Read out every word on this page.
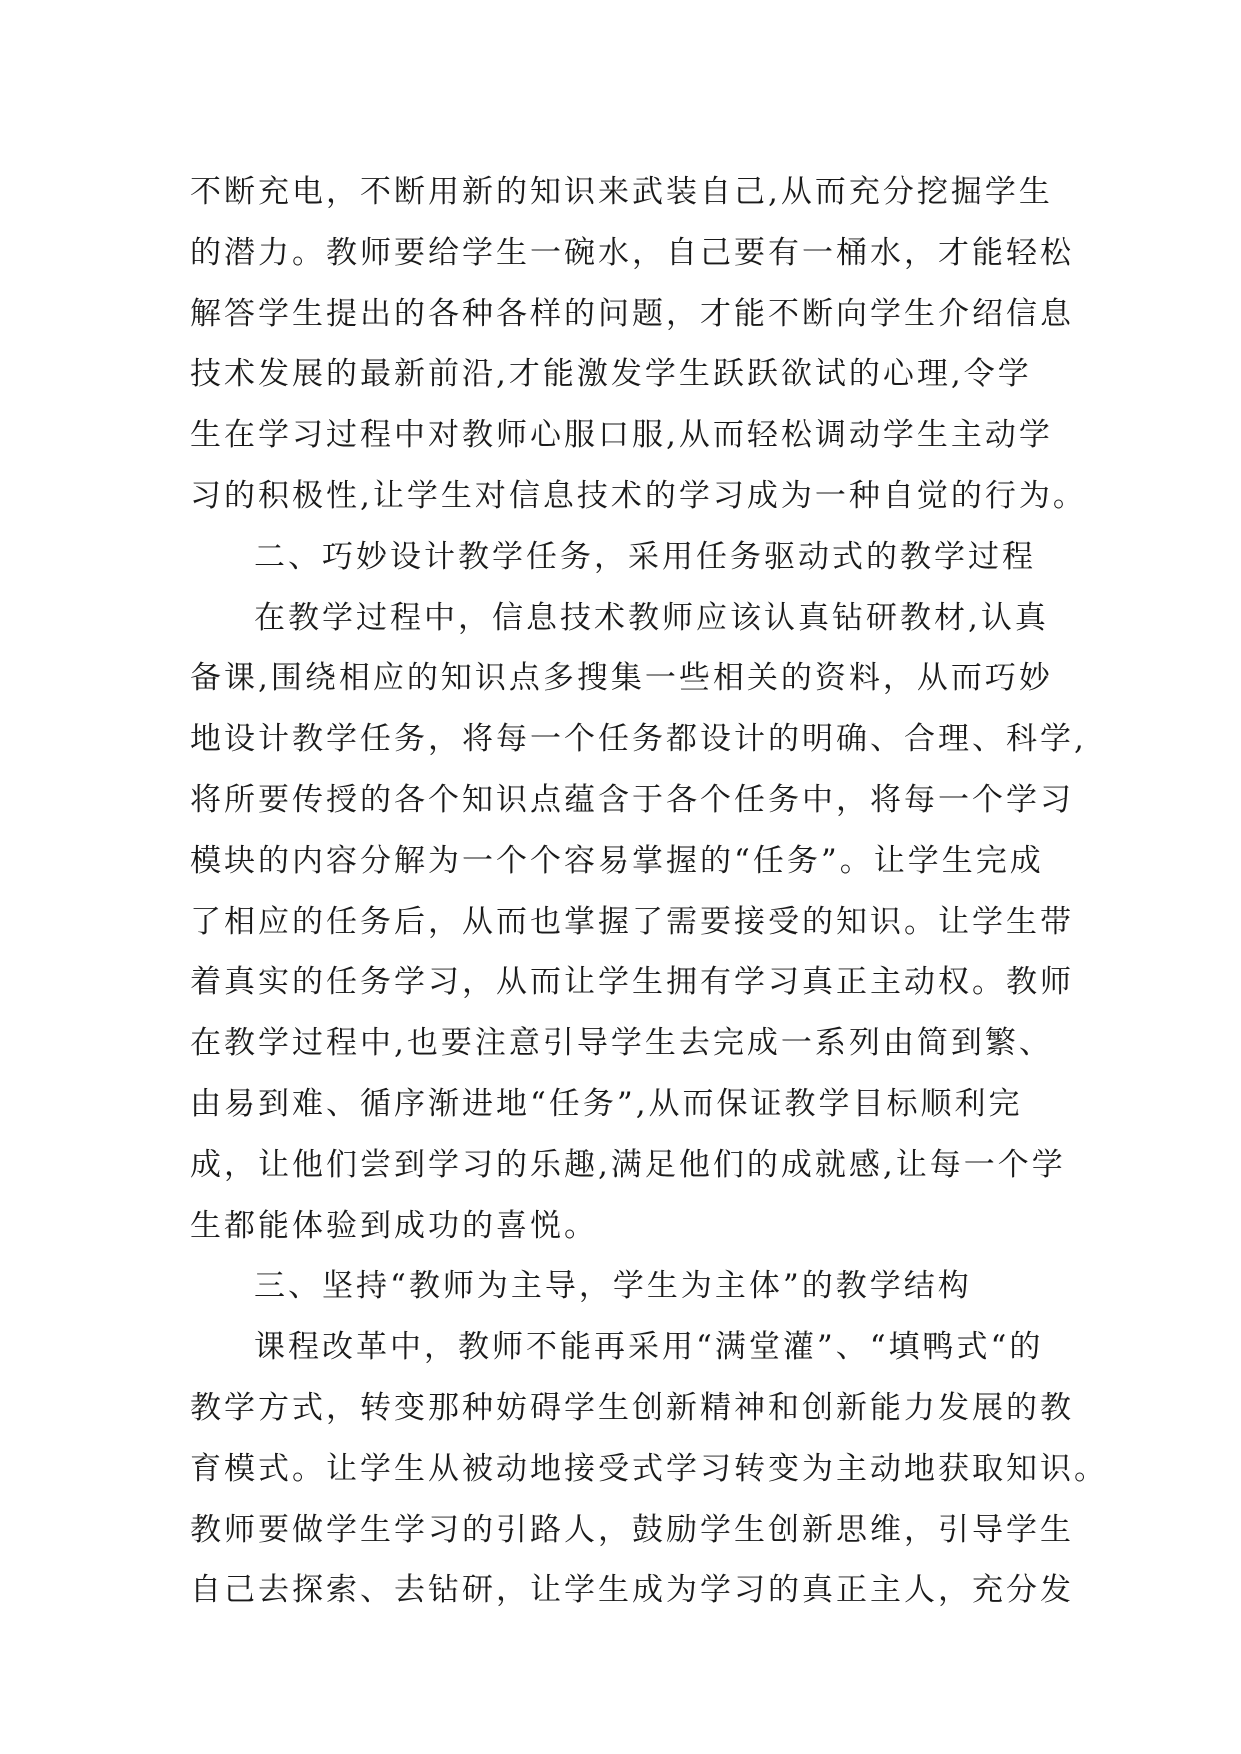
不断充电，不断用新的知识来武装自己,从而充分挖掘学生
的潜力。教师要给学生一碗水，自己要有一桶水，才能轻松
解答学生提出的各种各样的问题，才能不断向学生介绍信息
技术发展的最新前沿,才能激发学生跃跃欲试的心理,令学
生在学习过程中对教师心服口服,从而轻松调动学生主动学
习的积极性,让学生对信息技术的学习成为一种自觉的行为。
二、巧妙设计教学任务，采用任务驱动式的教学过程
在教学过程中，信息技术教师应该认真钻研教材,认真
备课,围绕相应的知识点多搜集一些相关的资料，从而巧妙
地设计教学任务，将每一个任务都设计的明确、合理、科学,
将所要传授的各个知识点蕴含于各个任务中，将每一个学习
模块的内容分解为一个个容易掌握的“任务”。让学生完成
了相应的任务后，从而也掌握了需要接受的知识。让学生带
着真实的任务学习，从而让学生拥有学习真正主动权。教师
在教学过程中,也要注意引导学生去完成一系列由简到繁、
由易到难、循序渐进地“任务”,从而保证教学目标顺利完
成，让他们尝到学习的乐趣,满足他们的成就感,让每一个学
生都能体验到成功的喜悦。
三、坚持“教师为主导，学生为主体”的教学结构
课程改革中，教师不能再采用“满堂灌”、“填鸭式“的
教学方式，转变那种妨碍学生创新精神和创新能力发展的教
育模式。让学生从被动地接受式学习转变为主动地获取知识。
教师要做学生学习的引路人，鼓励学生创新思维，引导学生
自己去探索、去钻研，让学生成为学习的真正主人，充分发
